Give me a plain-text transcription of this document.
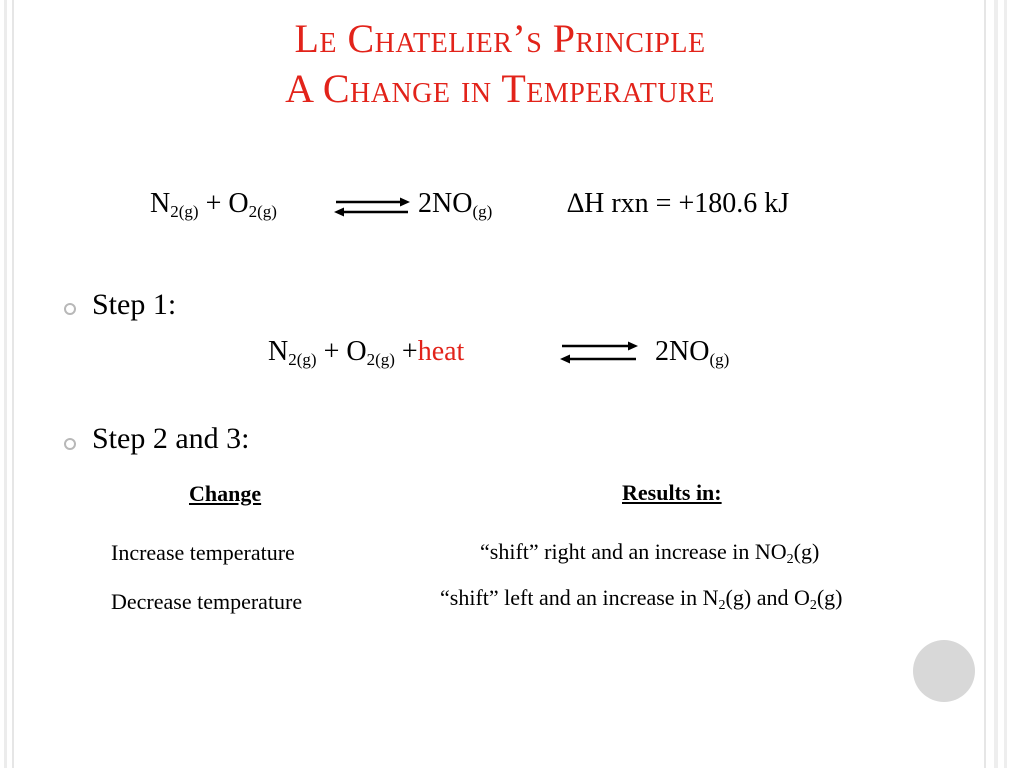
Le Chatelier’s Principle
A Change in Temperature
$N_{2(g)} + O_{2(g)}$	$2NO_{(g)}$	∆H rxn = +180.6 kJ
Step 1:
$N_{2(g)} + O_{2(g)}$ +heat	$2NO_{(g)}$
Step 2 and 3:
Change	Results in:
Increase temperature	“shift” right and an increase in $NO_2(g)$
Decrease temperature	“shift” left and an increase in $N_2(g)$ and $O_2(g)$
